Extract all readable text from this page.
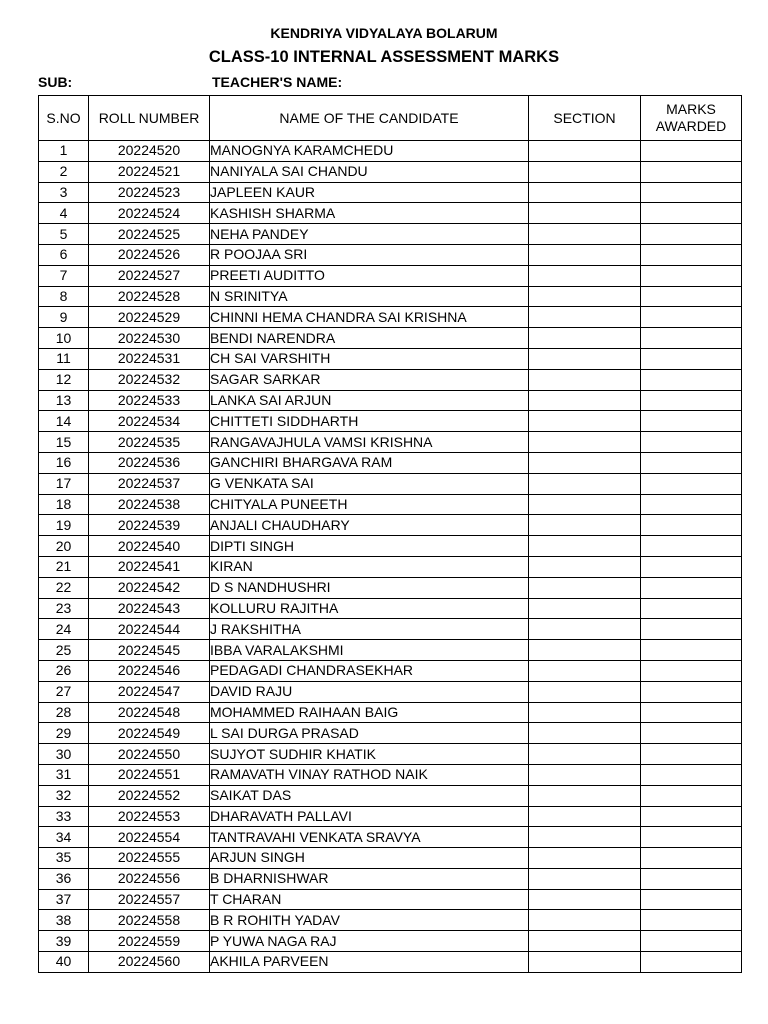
KENDRIYA VIDYALAYA BOLARUM
CLASS-10 INTERNAL ASSESSMENT MARKS
SUB:	TEACHER'S NAME:
S.NO	ROLL NUMBER	NAME OF THE CANDIDATE	SECTION	MARKS AWARDED
1	20224520	MANOGNYA KARAMCHEDU		
2	20224521	NANIYALA SAI CHANDU		
3	20224523	JAPLEEN KAUR		
4	20224524	KASHISH SHARMA		
5	20224525	NEHA PANDEY		
6	20224526	R POOJAA SRI		
7	20224527	PREETI AUDITTO		
8	20224528	N SRINITYA		
9	20224529	CHINNI HEMA CHANDRA SAI KRISHNA		
10	20224530	BENDI NARENDRA		
11	20224531	CH SAI VARSHITH		
12	20224532	SAGAR SARKAR		
13	20224533	LANKA SAI ARJUN		
14	20224534	CHITTETI SIDDHARTH		
15	20224535	RANGAVAJHULA VAMSI KRISHNA		
16	20224536	GANCHIRI BHARGAVA RAM		
17	20224537	G VENKATA SAI		
18	20224538	CHITYALA PUNEETH		
19	20224539	ANJALI CHAUDHARY		
20	20224540	DIPTI SINGH		
21	20224541	KIRAN		
22	20224542	D S NANDHUSHRI		
23	20224543	KOLLURU RAJITHA		
24	20224544	J RAKSHITHA		
25	20224545	IBBA VARALAKSHMI		
26	20224546	PEDAGADI CHANDRASEKHAR		
27	20224547	DAVID RAJU		
28	20224548	MOHAMMED RAIHAAN BAIG		
29	20224549	L SAI DURGA PRASAD		
30	20224550	SUJYOT SUDHIR KHATIK		
31	20224551	RAMAVATH VINAY RATHOD NAIK		
32	20224552	SAIKAT DAS		
33	20224553	DHARAVATH PALLAVI		
34	20224554	TANTRAVAHI VENKATA SRAVYA		
35	20224555	ARJUN SINGH		
36	20224556	B DHARNISHWAR		
37	20224557	T CHARAN		
38	20224558	B R ROHITH YADAV		
39	20224559	P YUWA NAGA RAJ		
40	20224560	AKHILA PARVEEN		
